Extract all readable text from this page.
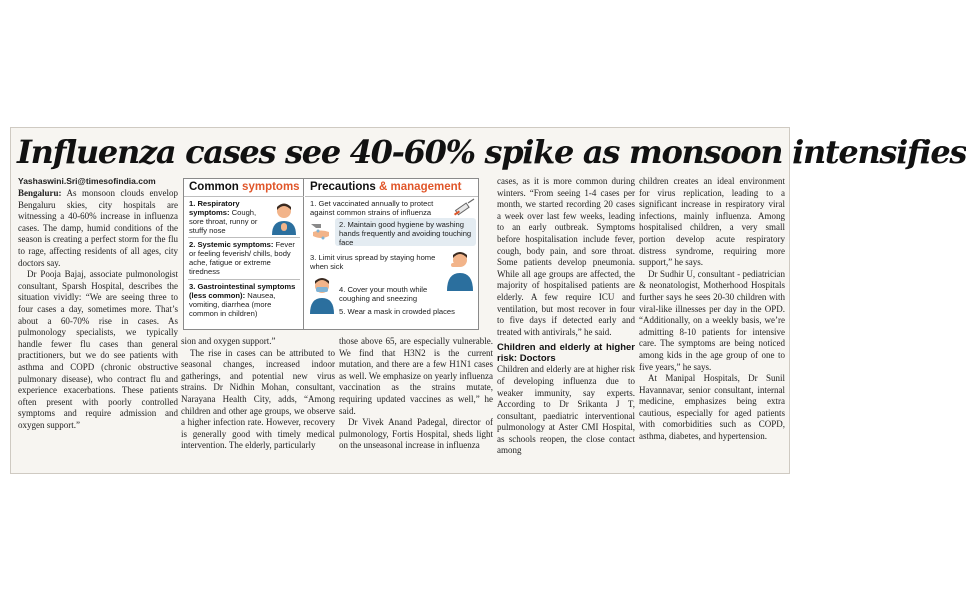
Influenza cases see 40-60% spike as monsoon intensifies
Yashaswini.Sri@timesofindia.com

Bengaluru: As monsoon clouds envelop Bengaluru skies, city hospitals are witnessing a 40-60% increase in influenza cases. The damp, humid conditions of the season is creating a perfect storm for the flu to rage, affecting residents of all ages, city doctors say.

Dr Pooja Bajaj, associate pulmonologist consultant, Sparsh Hospital, describes the situation vividly: “We are seeing three to four cases a day, sometimes more. That’s about a 60-70% rise in cases. As pulmonology specialists, we typically handle fewer flu cases than general practitioners, but we do see patients with asthma and COPD (chronic obstructive pulmonary disease), who contract flu and experience exacerbations. These patients often present with poorly controlled symptoms and require admission and oxygen support.”

Common symptoms
1. Respiratory symptoms: Cough, sore throat, runny or stuffy nose
2. Systemic symptoms: Fever or feeling feverish/ chills, body ache, fatigue or extreme tiredness
3. Gastrointestinal symptoms (less common): Nausea, vomiting, diarrhea (more common in children)
Precautions & management
1. Get vaccinated annually to protect against common strains of influenza
2. Maintain good hygiene by washing hands frequently and avoiding touching face
3. Limit virus spread by staying home when sick
4. Cover your mouth while coughing and sneezing
5. Wear a mask in crowded places

sion and oxygen support.”

The rise in cases can be attributed to seasonal changes, increased indoor gatherings, and potential new virus strains. Dr Nidhin Mohan, consultant, Narayana Health City, adds, “Among children and other age groups, we observe a higher infection rate. However, recovery is generally good with timely medical intervention. The elderly, particularly

those above 65, are especially vulnerable. We find that H3N2 is the current mutation, and there are a few H1N1 cases as well. We emphasize on yearly influenza vaccination as the strains mutate, requiring updated vaccines as well,” he said.

Dr Vivek Anand Padegal, director of pulmonology, Fortis Hospital, sheds light on the unseasonal increase in influenza

cases, as it is more common during winters. “From seeing 1-4 cases per month, we started recording 20 cases a week over last few weeks, leading to an early outbreak. Symptoms before hospitalisation include fever, cough, body pain, and sore throat. Some patients develop pneumonia. While all age groups are affected, the majority of hospitalised patients are elderly. A few require ICU and ventilation, but most recover in four to five days if detected early and treated with antivirals,” he said.

Children and elderly at higher risk: Doctors

Children and elderly are at higher risk of developing influenza due to weaker immunity, say experts. According to Dr Srikanta J T, consultant, paediatric interventional pulmonology at Aster CMI Hospital, as schools reopen, the close contact among

children creates an ideal environment for virus replication, leading to a significant increase in respiratory viral infections, mainly influenza. Among hospitalised children, a very small portion develop acute respiratory distress syndrome, requiring more support,” he says.

Dr Sudhir U, consultant - pediatrician & neonatologist, Motherhood Hospitals further says he sees 20-30 children with viral-like illnesses per day in the OPD. “Additionally, on a weekly basis, we’re admitting 8-10 patients for intensive care. The symptoms are being noticed among kids in the age group of one to five years,” he says.

At Manipal Hospitals, Dr Sunil Havannavar, senior consultant, internal medicine, emphasizes being extra cautious, especially for aged patients with comorbidities such as COPD, asthma, diabetes, and hypertension.
